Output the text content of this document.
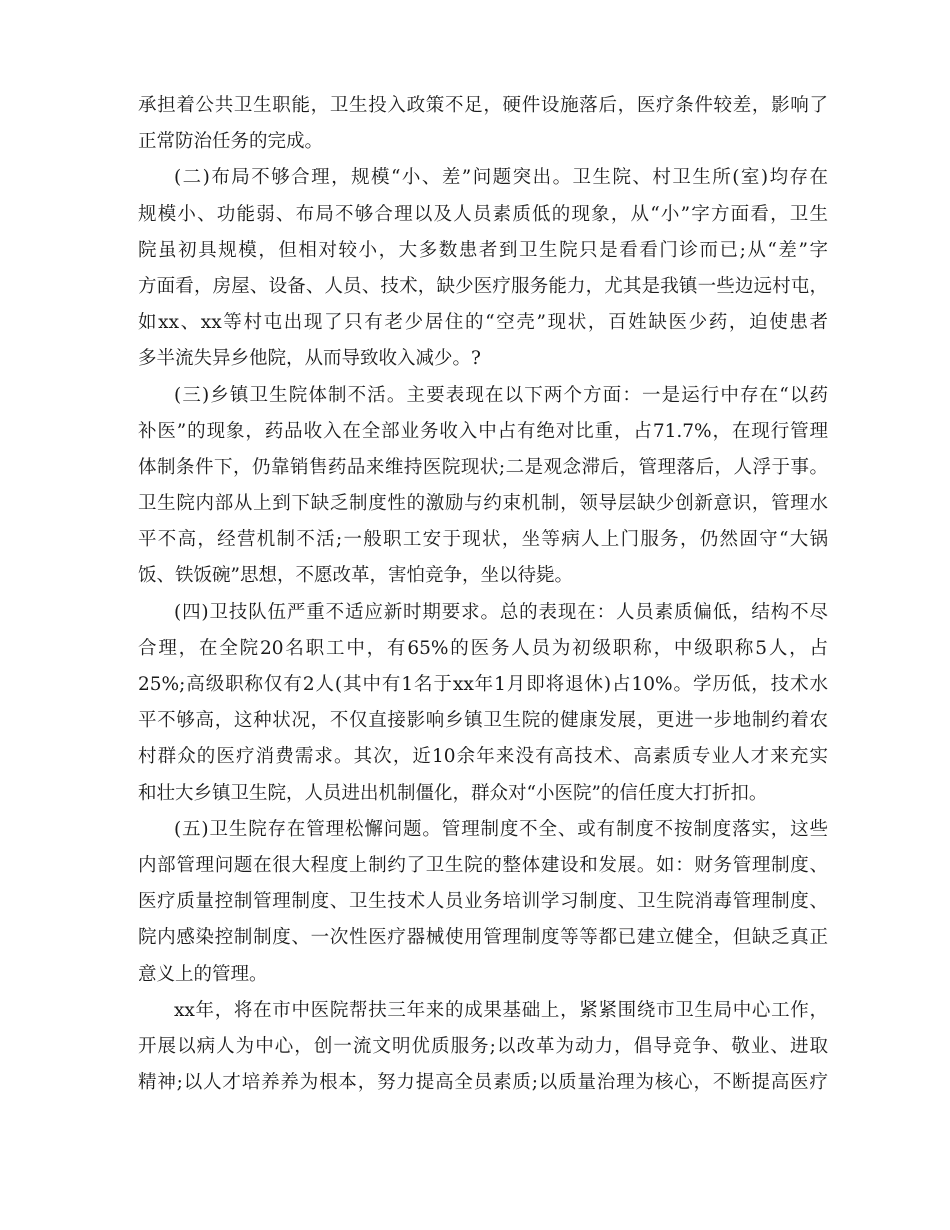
承担着公共卫生职能，卫生投入政策不足，硬件设施落后，医疗条件较差，影响了
正常防治任务的完成。
(二)布局不够合理，规模“小、差”问题突出。卫生院、村卫生所(室)均存在
规模小、功能弱、布局不够合理以及人员素质低的现象，从“小”字方面看，卫生
院虽初具规模，但相对较小，大多数患者到卫生院只是看看门诊而已;从“差”字
方面看，房屋、设备、人员、技术，缺少医疗服务能力，尤其是我镇一些边远村屯，
如xx、xx等村屯出现了只有老少居住的“空壳”现状，百姓缺医少药，迫使患者
多半流失异乡他院，从而导致收入减少。?
(三)乡镇卫生院体制不活。主要表现在以下两个方面：一是运行中存在“以药
补医”的现象，药品收入在全部业务收入中占有绝对比重，占71.7%，在现行管理
体制条件下，仍靠销售药品来维持医院现状;二是观念滞后，管理落后，人浮于事。
卫生院内部从上到下缺乏制度性的激励与约束机制，领导层缺少创新意识，管理水
平不高，经营机制不活;一般职工安于现状，坐等病人上门服务，仍然固守“大锅
饭、铁饭碗”思想，不愿改革，害怕竞争，坐以待毙。
(四)卫技队伍严重不适应新时期要求。总的表现在：人员素质偏低，结构不尽
合理，在全院20名职工中，有65%的医务人员为初级职称，中级职称5人，占
25%;高级职称仅有2人(其中有1名于xx年1月即将退休)占10%。学历低，技术水
平不够高，这种状况，不仅直接影响乡镇卫生院的健康发展，更进一步地制约着农
村群众的医疗消费需求。其次，近10余年来没有高技术、高素质专业人才来充实
和壮大乡镇卫生院，人员进出机制僵化，群众对“小医院”的信任度大打折扣。
(五)卫生院存在管理松懈问题。管理制度不全、或有制度不按制度落实，这些
内部管理问题在很大程度上制约了卫生院的整体建设和发展。如：财务管理制度、
医疗质量控制管理制度、卫生技术人员业务培训学习制度、卫生院消毒管理制度、
院内感染控制制度、一次性医疗器械使用管理制度等等都已建立健全，但缺乏真正
意义上的管理。
xx年，将在市中医院帮扶三年来的成果基础上，紧紧围绕市卫生局中心工作，
开展以病人为中心，创一流文明优质服务;以改革为动力，倡导竞争、敬业、进取
精神;以人才培养养为根本，努力提高全员素质;以质量治理为核心，不断提高医疗
